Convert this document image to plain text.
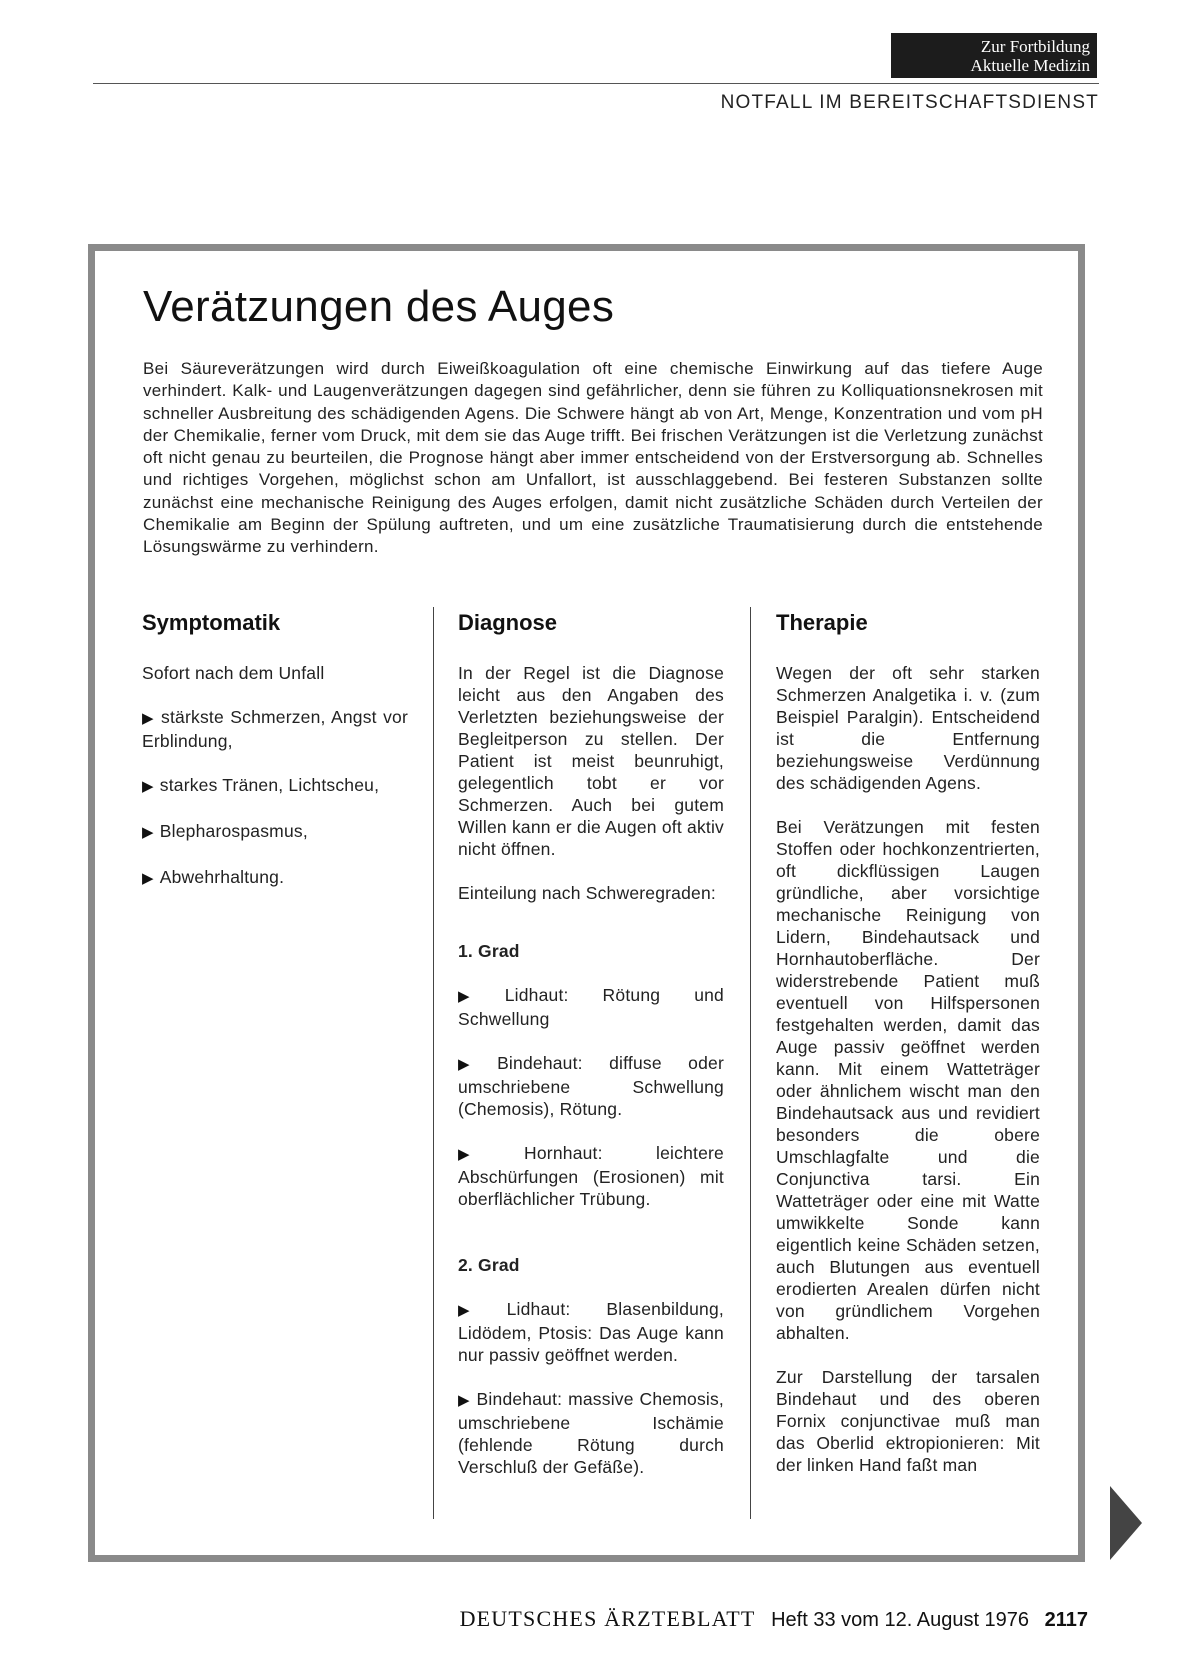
Zur Fortbildung
Aktuelle Medizin
NOTFALL IM BEREITSCHAFTSDIENST
Verätzungen des Auges
Bei Säureverätzungen wird durch Eiweißkoagulation oft eine chemische Einwirkung auf das tiefere Auge verhindert. Kalk- und Laugenverätzungen dagegen sind gefährlicher, denn sie führen zu Kolliquationsnekrosen mit schneller Ausbreitung des schädigenden Agens. Die Schwere hängt ab von Art, Menge, Konzentration und vom pH der Chemikalie, ferner vom Druck, mit dem sie das Auge trifft. Bei frischen Verätzungen ist die Verletzung zunächst oft nicht genau zu beurteilen, die Prognose hängt aber immer entscheidend von der Erstversorgung ab. Schnelles und richtiges Vorgehen, möglichst schon am Unfallort, ist ausschlaggebend. Bei festeren Substanzen sollte zunächst eine mechanische Reinigung des Auges erfolgen, damit nicht zusätzliche Schäden durch Verteilen der Chemikalie am Beginn der Spülung auftreten, und um eine zusätzliche Traumatisierung durch die entstehende Lösungswärme zu verhindern.
Symptomatik

Sofort nach dem Unfall

▶ stärkste Schmerzen, Angst vor Erblindung,

▶ starkes Tränen, Lichtscheu,

▶ Blepharospasmus,

▶ Abwehrhaltung.

Diagnose

In der Regel ist die Diagnose leicht aus den Angaben des Verletzten beziehungsweise der Begleitperson zu stellen. Der Patient ist meist beunruhigt, gelegentlich tobt er vor Schmerzen. Auch bei gutem Willen kann er die Augen oft aktiv nicht öffnen.

Einteilung nach Schweregraden:

1. Grad

▶ Lidhaut: Rötung und Schwellung

▶ Bindehaut: diffuse oder umschriebene Schwellung (Chemosis), Rötung.

▶ Hornhaut: leichtere Abschürfungen (Erosionen) mit oberflächlicher Trübung.

2. Grad

▶ Lidhaut: Blasenbildung, Lidödem, Ptosis: Das Auge kann nur passiv geöffnet werden.

▶ Bindehaut: massive Chemosis, umschriebene Ischämie (fehlende Rötung durch Verschluß der Gefäße).

Therapie

Wegen der oft sehr starken Schmerzen Analgetika i. v. (zum Beispiel Paralgin). Entscheidend ist die Entfernung beziehungsweise Verdünnung des schädigenden Agens.

Bei Verätzungen mit festen Stoffen oder hochkonzentrierten, oft dickflüssigen Laugen gründliche, aber vorsichtige mechanische Reinigung von Lidern, Bindehautsack und Hornhautoberfläche. Der widerstrebende Patient muß eventuell von Hilfspersonen festgehalten werden, damit das Auge passiv geöffnet werden kann. Mit einem Watteträger oder ähnlichem wischt man den Bindehautsack aus und revidiert besonders die obere Umschlagfalte und die Conjunctiva tarsi. Ein Watteträger oder eine mit Watte umwikkelte Sonde kann eigentlich keine Schäden setzen, auch Blutungen aus eventuell erodierten Arealen dürfen nicht von gründlichem Vorgehen abhalten.

Zur Darstellung der tarsalen Bindehaut und des oberen Fornix conjunctivae muß man das Oberlid ektropionieren: Mit der linken Hand faßt man

DEUTSCHES ÄRZTEBLATT Heft 33 vom 12. August 1976 2117
